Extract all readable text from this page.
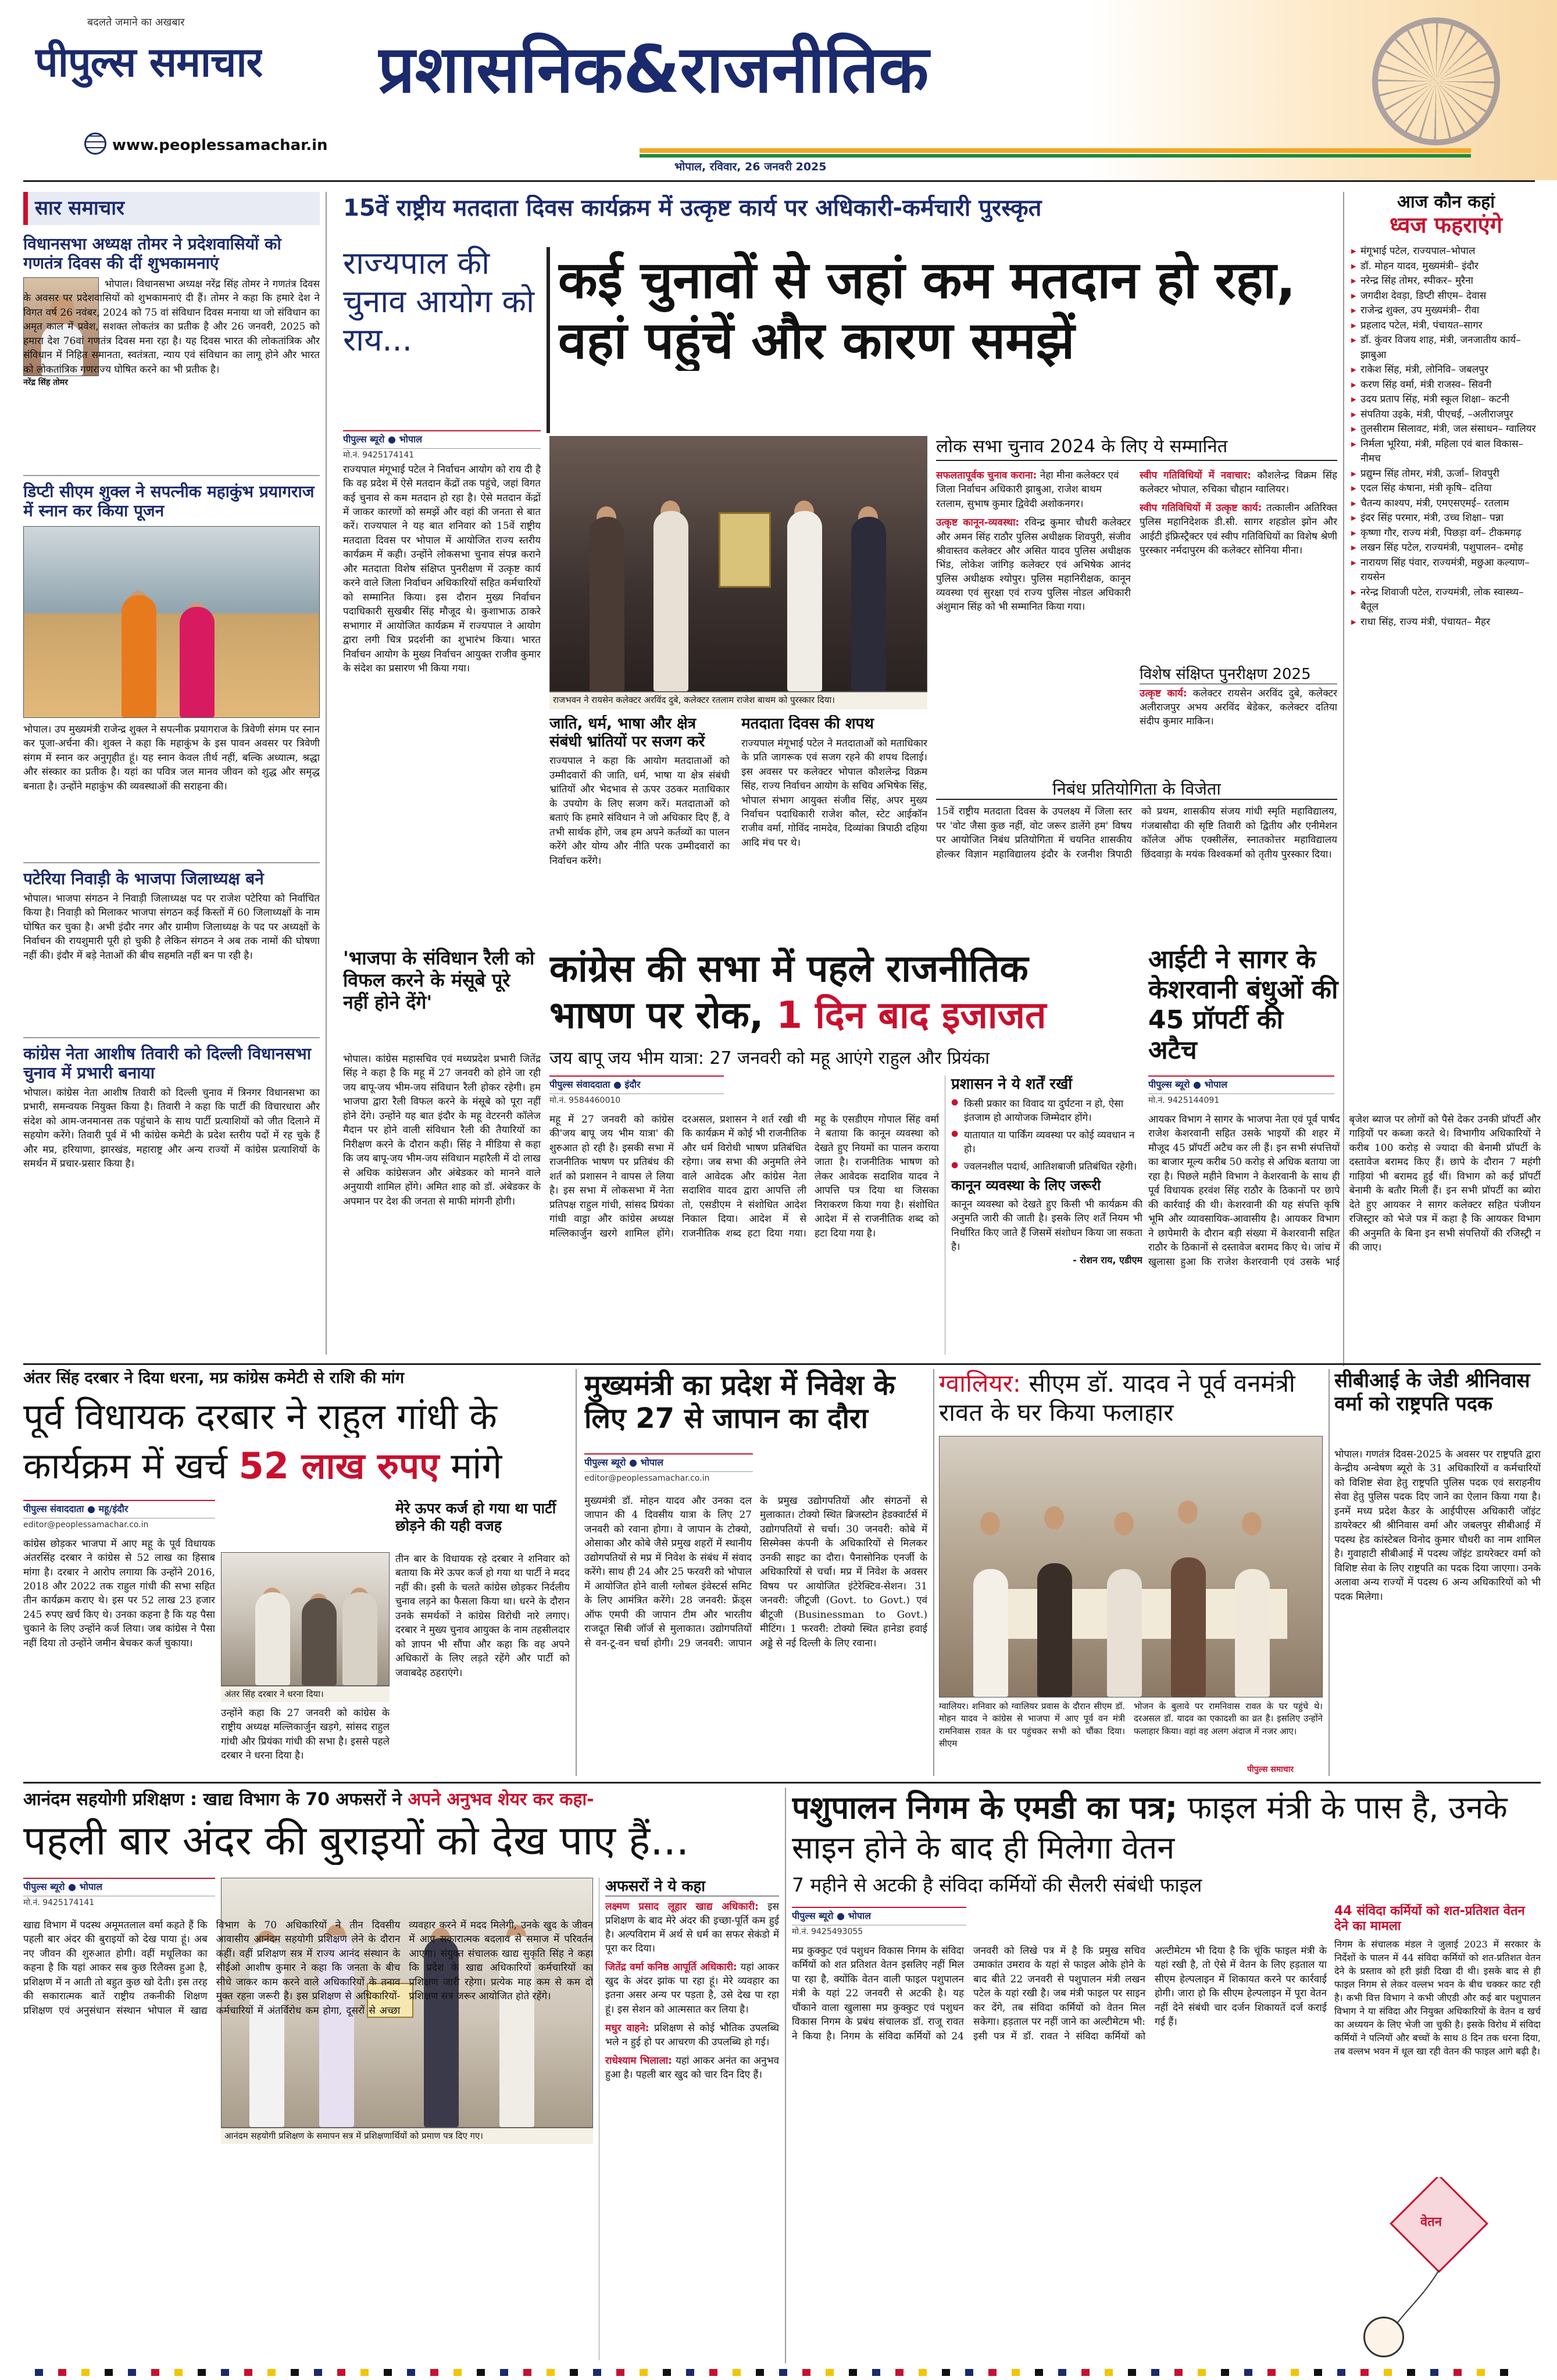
बदलते जमाने का अखबार
पीपुल्स समाचार
www.peoplessamachar.in
प्रशासनिक&राजनीतिक
भोपाल, रविवार, 26 जनवरी 2025
सार समाचार
विधानसभा अध्यक्ष तोमर ने प्रदेशवासियों को गणतंत्र दिवस की दीं शुभकामनाएं
नरेंद्र सिंह तोमर
भोपाल। विधानसभा अध्यक्ष नरेंद्र सिंह तोमर ने गणतंत्र दिवस के अवसर पर प्रदेशवासियों को शुभकामनाएं दी हैं। तोमर ने कहा कि हमारे देश ने विगत वर्ष 26 नवंबर, 2024 को 75 वां संविधान दिवस मनाया था जो संविधान का अमृत काल में प्रवेश, सशक्त लोकतंत्र का प्रतीक है और 26 जनवरी, 2025 को हमारा देश 76वां गणतंत्र दिवस मना रहा है। यह दिवस भारत की लोकतांत्रिक और संविधान में निहित समानता, स्वतंत्रता, न्याय एवं संविधान का लागू होने और भारत को लोकतांत्रिक गणराज्य घोषित करने का भी प्रतीक है।
डिप्टी सीएम शुक्ल ने सपत्नीक महाकुंभ प्रयागराज में स्नान कर किया पूजन
भोपाल। उप मुख्यमंत्री राजेन्द्र शुक्ल ने सपत्नीक प्रयागराज के त्रिवेणी संगम पर स्नान कर पूजा-अर्चना की। शुक्ल ने कहा कि महाकुंभ के इस पावन अवसर पर त्रिवेणी संगम में स्नान कर अनुगृहीत हूं। यह स्नान केवल तीर्थ नहीं, बल्कि अध्यात्म, श्रद्धा और संस्कार का प्रतीक है। यहां का पवित्र जल मानव जीवन को शुद्ध और समृद्ध बनाता है। उन्होंने महाकुंभ की व्यवस्थाओं की सराहना की।
पटेरिया निवाड़ी के भाजपा जिलाध्यक्ष बने
भोपाल। भाजपा संगठन ने निवाड़ी जिलाध्यक्ष पद पर राजेश पटेरिया को निर्वाचित किया है। निवाड़ी को मिलाकर भाजपा संगठन कई किस्तों में 60 जिलाध्यक्षों के नाम घोषित कर चुका है। अभी इंदौर नगर और ग्रामीण जिलाध्यक्ष के पद पर अध्यक्षों के निर्वाचन की रायशुमारी पूरी हो चुकी है लेकिन संगठन ने अब तक नामों की घोषणा नहीं की। इंदौर में बड़े नेताओं की बीच सहमति नहीं बन पा रही है।
कांग्रेस नेता आशीष तिवारी को दिल्ली विधानसभा चुनाव में प्रभारी बनाया
भोपाल। कांग्रेस नेता आशीष तिवारी को दिल्ली चुनाव में त्रिनगर विधानसभा का प्रभारी, समन्वयक नियुक्त किया है। तिवारी ने कहा कि पार्टी की विचारधारा और संदेश को आम-जनमानस तक पहुंचाने के साथ पार्टी प्रत्याशियों को जीत दिलाने में सहयोग करेंगे। तिवारी पूर्व में भी कांग्रेस कमेटी के प्रदेश स्तरीय पदों में रह चुके हैं और मप्र, हरियाणा, झारखंड, महाराष्ट्र और अन्य राज्यों में कांग्रेस प्रत्याशियों के समर्थन में प्रचार-प्रसार किया है।
15वें राष्ट्रीय मतदाता दिवस कार्यक्रम में उत्कृष्ट कार्य पर अधिकारी-कर्मचारी पुरस्कृत
राज्यपाल की चुनाव आयोग को राय...
कई चुनावों से जहां कम मतदान हो रहा, वहां पहुंचें और कारण समझें
पीपुल्स ब्यूरो ● भोपाल
मो.नं. 9425174141
राज्यपाल मंगूभाई पटेल ने निर्वाचन आयोग को राय दी है कि वह प्रदेश में ऐसे मतदान केंद्रों तक पहुंचे, जहां विगत कई चुनाव से कम मतदान हो रहा है। ऐसे मतदान केंद्रों में जाकर कारणों को समझें और वहां की जनता से बात करें। राज्यपाल ने यह बात शनिवार को 15वें राष्ट्रीय मतदाता दिवस पर भोपाल में आयोजित राज्य स्तरीय कार्यक्रम में कही। उन्होंने लोकसभा चुनाव संपन्न कराने और मतदाता विशेष संक्षिप्त पुनरीक्षण में उत्कृष्ट कार्य करने वाले जिला निर्वाचन अधिकारियों सहित कर्मचारियों को सम्मानित किया। इस दौरान मुख्य निर्वाचन पदाधिकारी सुखबीर सिंह मौजूद थे। कुशाभाऊ ठाकरे सभागार में आयोजित कार्यक्रम में राज्यपाल ने आयोग द्वारा लगी चित्र प्रदर्शनी का शुभारंभ किया। भारत निर्वाचन आयोग के मुख्य निर्वाचन आयुक्त राजीव कुमार के संदेश का प्रसारण भी किया गया।
राजभवन ने रायसेन कलेक्टर अरविंद दुबे, कलेक्टर रतलाम राजेश बाथम को पुरस्कार दिया।
जाति, धर्म, भाषा और क्षेत्र संबंधी भ्रांतियों पर सजग करें
राज्यपाल ने कहा कि आयोग मतदाताओं को उम्मीदवारों की जाति, धर्म, भाषा या क्षेत्र संबंधी भ्रांतियों और भेदभाव से ऊपर उठकर मताधिकार के उपयोग के लिए सजग करें। मतदाताओं को बताएं कि हमारे संविधान ने जो अधिकार दिए हैं, वे तभी सार्थक होंगे, जब हम अपने कर्तव्यों का पालन करेंगे और योग्य और नीति परक उम्मीदवारों का निर्वाचन करेंगे।
मतदाता दिवस की शपथ
राज्यपाल मंगूभाई पटेल ने मतदाताओं को मताधिकार के प्रति जागरूक एवं सजग रहने की शपथ दिलाई। इस अवसर पर कलेक्टर भोपाल कौशलेन्द्र विक्रम सिंह, राज्य निर्वाचन आयोग के सचिव अभिषेक सिंह, भोपाल संभाग आयुक्त संजीव सिंह, अपर मुख्य निर्वाचन पदाधिकारी राजेश कौल, स्टेट आईकॉन राजीव वर्मा, गोविंद नामदेव, दिव्यांका त्रिपाठी दहिया आदि मंच पर थे।
लोक सभा चुनाव 2024 के लिए ये सम्मानित
सफलतापूर्वक चुनाव कराना: नेहा मीना कलेक्टर एवं जिला निर्वाचन अधिकारी झाबुआ, राजेश बाथम रतलाम, सुभाष कुमार द्विवेदी अशोकनगर।
उत्कृष्ट कानून-व्यवस्था: रविन्द्र कुमार चौधरी कलेक्टर और अमन सिंह राठौर पुलिस अधीक्षक शिवपुरी, संजीव श्रीवास्तव कलेक्टर और असित यादव पुलिस अधीक्षक भिंड, लोकेश जांगिड़ कलेक्टर एवं अभिषेक आनंद पुलिस अधीक्षक श्योपुर। पुलिस महानिरीक्षक, कानून व्यवस्था एवं सुरक्षा एवं राज्य पुलिस नोडल अधिकारी अंशुमान सिंह को भी सम्मानित किया गया।
स्वीप गतिविधियों में नवाचार: कौशलेन्द्र विक्रम सिंह कलेक्टर भोपाल, रुचिका चौहान ग्वालियर।
स्वीप गतिविधियों में उत्कृष्ट कार्य: तत्कालीन अतिरिक्त पुलिस महानिदेशक डी.सी. सागर शहडोल झोन और आईटी इंफ्रिस्ट्रैक्टर एवं स्वीप गतिविधियों का विशेष श्रेणी पुरस्कार नर्मदापुरम की कलेक्टर सोनिया मीना।
विशेष संक्षिप्त पुनरीक्षण 2025
उत्कृष्ट कार्य: कलेक्टर रायसेन अरविंद दुबे, कलेक्टर अलीराजपुर अभय अरविंद बेडेकर, कलेक्टर दतिया संदीप कुमार माकिन।
निबंध प्रतियोगिता के विजेता
15वें राष्ट्रीय मतदाता दिवस के उपलक्ष्य में जिला स्तर पर 'वोट जैसा कुछ नहीं, वोट जरूर डालेंगे हम' विषय पर आयोजित निबंध प्रतियोगिता में चयनित शासकीय होल्कर विज्ञान महाविद्यालय इंदौर के रजनीश त्रिपाठी को प्रथम, शासकीय संजय गांधी स्मृति महाविद्यालय, गंजबासौदा की सृष्टि तिवारी को द्वितीय और एनीमेशन कॉलेज ऑफ एक्सीलेंस, स्नातकोत्तर महाविद्यालय छिंदवाड़ा के मयंक विश्वकर्मा को तृतीय पुरस्कार दिया।
आज कौन कहां
ध्वज फहराएंगे
▸ मंगूभाई पटेल, राज्यपाल–भोपाल
▸ डॉ. मोहन यादव, मुख्यमंत्री– इंदौर
▸ नरेन्द्र सिंह तोमर, स्पीकर– मुरैना
▸ जगदीश देवड़ा, डिप्टी सीएम– देवास
▸ राजेन्द्र शुक्ल, उप मुख्यमंत्री– रीवा
▸ प्रहलाद पटेल, मंत्री, पंचायत–सागर
▸ डॉ. कुंवर विजय शाह, मंत्री, जनजातीय कार्य– झाबुआ
▸ राकेश सिंह, मंत्री, लोनिवि– जबलपुर
▸ करण सिंह वर्मा, मंत्री राजस्व– सिवनी
▸ उदय प्रताप सिंह, मंत्री स्कूल शिक्षा– कटनी
▸ संपतिया उइके, मंत्री, पीएचई, –अलीराजपुर
▸ तुलसीराम सिलावट, मंत्री, जल संसाधन– ग्वालियर
▸ निर्मला भूरिया, मंत्री, महिला एवं बाल विकास–नीमच
▸ प्रद्युम्न सिंह तोमर, मंत्री, ऊर्जा– शिवपुरी
▸ एदल सिंह कंषाना, मंत्री कृषि– दतिया
▸ चैतन्य काश्यप, मंत्री, एमएसएमई– रतलाम
▸ इंदर सिंह परमार, मंत्री, उच्च शिक्षा– पन्ना
▸ कृष्णा गौर, राज्य मंत्री, पिछड़ा वर्ग– टीकमगढ़
▸ लखन सिंह पटेल, राज्यमंत्री, पशुपालन– दमोह
▸ नारायण सिंह पंवार, राज्यमंत्री, मछुआ कल्याण– रायसेन
▸ नरेन्द्र शिवाजी पटेल, राज्यमंत्री, लोक स्वास्थ्य– बैतूल
▸ राधा सिंह, राज्य मंत्री, पंचायत– मैहर
'भाजपा के संविधान रैली को विफल करने के मंसूबे पूरे नहीं होने देंगे'
भोपाल। कांग्रेस महासचिव एवं मध्यप्रदेश प्रभारी जितेंद्र सिंह ने कहा है कि महू में 27 जनवरी को होने जा रही जय बापू-जय भीम-जय संविधान रैली होकर रहेगी। हम भाजपा द्वारा रैली विफल करने के मंसूबे को पूरा नहीं होने देंगे। उन्होंने यह बात इंदौर के महू वेटरनरी कॉलेज मैदान पर होने वाली संविधान रैली की तैयारियों का निरीक्षण करने के दौरान कही। सिंह ने मीडिया से कहा कि जय बापू-जय भीम-जय संविधान महारैली में दो लाख से अधिक कांग्रेसजन और अंबेडकर को मानने वाले अनुयायी शामिल होंगे। अमित शाह को डॉ. अंबेडकर के अपमान पर देश की जनता से माफी मांगनी होगी।
कांग्रेस की सभा में पहले राजनीतिक
भाषण पर रोक, 1 दिन बाद इजाजत
जय बापू जय भीम यात्रा: 27 जनवरी को महू आएंगे राहुल और प्रियंका
पीपुल्स संवाददाता ● इंदौर
मो.नं. 9584460010
महू में 27 जनवरी को कांग्रेस की'जय बापू जय भीम यात्रा' की शुरुआत हो रही है। इसकी सभा में राजनीतिक भाषण पर प्रतिबंध की शर्त को प्रशासन ने वापस ले लिया है। इस सभा में लोकसभा में नेता प्रतिपक्ष राहुल गांधी, सांसद प्रियंका गांधी वाड्रा और कांग्रेस अध्यक्ष मल्लिकार्जुन खरगे शामिल होंगे। दरअसल, प्रशासन ने शर्त रखी थी कि कार्यक्रम में कोई भी राजनीतिक और धर्म विरोधी भाषण प्रतिबंधित रहेगा। जब सभा की अनुमति लेने वाले आवेदक और कांग्रेस नेता सदाशिव यादव द्वारा आपत्ति ली तो, एसडीएम ने संशोधित आदेश निकाल दिया। आदेश में से राजनीतिक शब्द हटा दिया गया। महू के एसडीएम गोपाल सिंह वर्मा ने बताया कि कानून व्यवस्था को देखते हुए नियमों का पालन कराया जाता है। राजनीतिक भाषण को लेकर आवेदक सदाशिव यादव ने आपत्ति पत्र दिया था जिसका निराकरण किया गया है। संशोधित आदेश में से राजनीतिक शब्द को हटा दिया गया है।
प्रशासन ने ये शर्तें रखीं
● किसी प्रकार का विवाद या दुर्घटना न हो, ऐसा इंतजाम हो आयोजक जिम्मेदार होंगे।
● यातायात या पार्किंग व्यवस्था पर कोई व्यवधान न हो।
● ज्वलनशील पदार्थ, आतिशबाजी प्रतिबंधित रहेगी।
कानून व्यवस्था के लिए जरूरी
कानून व्यवस्था को देखते हुए किसी भी कार्यक्रम की अनुमति जारी की जाती है। इसके लिए शर्तें नियम भी निर्धारित किए जाते हैं जिसमें संशोधन किया जा सकता है।
- रोशन राय, एडीएम
आईटी ने सागर के केशरवानी बंधुओं की 45 प्रॉपर्टी की अटैच
पीपुल्स ब्यूरो ● भोपाल
मो.नं. 9425144091
आयकर विभाग ने सागर के भाजपा नेता एवं पूर्व पार्षद राजेश केशरवानी सहित उसके भाइयों की शहर में मौजूद 45 प्रॉपर्टी अटैच कर ली हैं। इन सभी संपत्तियों का बाजार मूल्य करीब 50 करोड़ से अधिक बताया जा रहा है। पिछले महीने विभाग ने केशरवानी के साथ ही पूर्व विधायक हरवंश सिंह राठौर के ठिकानों पर छापे की कार्रवाई की थी। केशरवानी की यह संपत्ति कृषि भूमि और व्यावसायिक-आवासीय है। आयकर विभाग ने छापेमारी के दौरान बड़ी संख्या में केशरवानी सहित राठौर के ठिकानों से दस्तावेज बरामद किए थे। जांच में खुलासा हुआ कि राजेश केशरवानी एवं उसके भाई बृजेश ब्याज पर लोगों को पैसे देकर उनकी प्रॉपर्टी और गाड़ियों पर कब्जा करते थे। विभागीय अधिकारियों ने करीब 100 करोड़ से ज्यादा की बेनामी प्रॉपर्टी के दस्तावेज बरामद किए हैं। छापे के दौरान 7 महंगी गाड़ियां भी बरामद हुई थीं। विभाग को कई प्रॉपर्टी बेनामी के बतौर मिली हैं। इन सभी प्रॉपर्टी का ब्योरा देते हुए आयकर ने सागर कलेक्टर सहित पंजीयन रजिस्ट्रार को भेजे पत्र में कहा है कि आयकर विभाग की अनुमति के बिना इन सभी संपत्तियों की रजिस्ट्री न की जाए।
अंतर सिंह दरबार ने दिया धरना, मप्र कांग्रेस कमेटी से राशि की मांग
पूर्व विधायक दरबार ने राहुल गांधी के
कार्यक्रम में खर्च 52 लाख रुपए मांगे
पीपुल्स संवाददाता ● महू/इंदौर
editor@peoplessamachar.co.in
कांग्रेस छोड़कर भाजपा में आए महू के पूर्व विधायक अंतरसिंह दरबार ने कांग्रेस से 52 लाख का हिसाब मांगा है। दरबार ने आरोप लगाया कि उन्होंने 2016, 2018 और 2022 तक राहुल गांधी की सभा सहित तीन कार्यक्रम कराए थे। इस पर 52 लाख 23 हजार 245 रुपए खर्च किए थे। उनका कहना है कि यह पैसा चुकाने के लिए उन्होंने कर्ज लिया। जब कांग्रेस ने पैसा नहीं दिया तो उन्होंने जमीन बेचकर कर्ज चुकाया।
मेरे ऊपर कर्ज हो गया था पार्टी छोड़ने की यही वजह
तीन बार के विधायक रहे दरबार ने शनिवार को बताया कि मेरे ऊपर कर्ज हो गया था पार्टी ने मदद नहीं की। इसी के चलते कांग्रेस छोड़कर निर्दलीय चुनाव लड़ने का फैसला किया था। धरने के दौरान उनके समर्थकों ने कांग्रेस विरोधी नारे लगाए। दरबार ने मुख्य चुनाव आयुक्त के नाम तहसीलदार को ज्ञापन भी सौंपा और कहा कि वह अपने अधिकारों के लिए लड़ते रहेंगे और पार्टी को जवाबदेह ठहराएंगे।
अंतर सिंह दरबार ने धरना दिया।
उन्होंने कहा कि 27 जनवरी को कांग्रेस के राष्ट्रीय अध्यक्ष मल्लिकार्जुन खड़गे, सांसद राहुल गांधी और प्रियंका गांधी की सभा है। इससे पहले दरबार ने धरना दिया है।
मुख्यमंत्री का प्रदेश में निवेश के लिए 27 से जापान का दौरा
पीपुल्स ब्यूरो ● भोपाल
editor@peoplessamachar.co.in
मुख्यमंत्री डॉ. मोहन यादव और उनका दल जापान की 4 दिवसीय यात्रा के लिए 27 जनवरी को रवाना होगा। वे जापान के टोक्यो, ओसाका और कोबे जैसे प्रमुख शहरों में स्थानीय उद्योगपतियों से मप्र में निवेश के संबंध में संवाद करेंगे। साथ ही 24 और 25 फरवरी को भोपाल में आयोजित होने वाली ग्लोबल इंवेस्टर्स समिट के लिए आमंत्रित करेंगे। 28 जनवरी: फ्रेंड्स ऑफ एमपी की जापान टीम और भारतीय राजदूत सिबी जॉर्ज से मुलाकात। उद्योगपतियों से वन-टू-वन चर्चा होगी। 29 जनवरी: जापान के प्रमुख उद्योगपतियों और संगठनों से मुलाकात। टोक्यो स्थित ब्रिजस्टोन हेडक्वार्टर्स में उद्योगपतियों से चर्चा। 30 जनवरी: कोबे में सिस्मेक्स कंपनी के अधिकारियों से मिलकर उनकी साइट का दौरा। पैनासोनिक एनर्जी के अधिकारियों से चर्चा। मप्र में निवेश के अवसर विषय पर आयोजित इंटेरेक्टिव-सेशन। 31 जनवरी: जीटूजी (Govt. to Govt.) एवं बीटूजी (Businessman to Govt.) मीटिंग। 1 फरवरी: टोक्यो स्थित हानेडा हवाई अड्डे से नई दिल्ली के लिए रवाना।
ग्वालियर: सीएम डॉ. यादव ने पूर्व वनमंत्री रावत के घर किया फलाहार
ग्वालियर। शनिवार को ग्वालियर प्रवास के दौरान सीएम डॉ. मोहन यादव ने कांग्रेस से भाजपा में आए पूर्व वन मंत्री रामनिवास रावत के घर पहुंचकर सभी को चौंका दिया। सीएम
भोजन के बुलावे पर रामनिवास रावत के घर पहुंचे थे। दरअसल डॉ. यादव का एकादशी का व्रत है। इसलिए उन्होंने फलाहार किया। वहां वह अलग अंदाज में नजर आए।
पीपुल्स समाचार
सीबीआई के जेडी श्रीनिवास वर्मा को राष्ट्रपति पदक
भोपाल। गणतंत्र दिवस-2025 के अवसर पर राष्ट्रपति द्वारा केन्द्रीय अन्वेषण ब्यूरो के 31 अधिकारियों व कर्मचारियों को विशिष्ट सेवा हेतु राष्ट्रपति पुलिस पदक एवं सराहनीय सेवा हेतु पुलिस पदक दिए जाने का ऐलान किया गया है। इनमें मध्य प्रदेश कैडर के आईपीएस अधिकारी जॉइंट डायरेक्टर श्री श्रीनिवास वर्मा और जबलपुर सीबीआई में पदस्थ हेड कांस्टेबल विनोद कुमार चौधरी का नाम शामिल है। गुवाहाटी सीबीआई में पदस्थ जॉइंट डायरेक्टर वर्मा को विशिष्ट सेवा के लिए राष्ट्रपति का पदक दिया जाएगा। उनके अलावा अन्य राज्यों में पदस्थ 6 अन्य अधिकारियों को भी पदक मिलेगा।
आनंदम सहयोगी प्रशिक्षण : खाद्य विभाग के 70 अफसरों ने अपने अनुभव शेयर कर कहा-
पहली बार अंदर की बुराइयों को देख पाए हैं...
पीपुल्स ब्यूरो ● भोपाल
मो.नं. 9425174141
आनंदम सहयोगी प्रशिक्षण के समापन सत्र में प्रशिक्षणार्थियों को प्रमाण पत्र दिए गए।
खाद्य विभाग में पदस्थ अमूमतलाल वर्मा कहते हैं कि पहली बार अंदर की बुराइयों को देख पाया हूं। अब नए जीवन की शुरुआत होगी। वहीं मधूलिका का कहना है कि यहां आकर सब कुछ रिलैक्स हुआ है, प्रशिक्षण में न आती तो बहुत कुछ खो देती। इस तरह की सकारात्मक बातें राष्ट्रीय तकनीकी शिक्षण प्रशिक्षण एवं अनुसंधान संस्थान भोपाल में खाद्य विभाग के 70 अधिकारियों ने तीन दिवसीय आवासीय आनंदम सहयोगी प्रशिक्षण लेने के दौरान कहीं। वहीं प्रशिक्षण सत्र में राज्य आनंद संस्थान के सीईओ आशीष कुमार ने कहा कि जनता के बीच सीधे जाकर काम करने वाले अधिकारियों के तनाव मुक्त रहना जरूरी है। इस प्रशिक्षण से अधिकारियों-कर्मचारियों में अंतर्विरोध कम होगा, दूसरों से अच्छा व्यवहार करने में मदद मिलेगी, उनके खुद के जीवन में आए सकारात्मक बदलाव से समाज में परिवर्तन आएगा। संयुक्त संचालक खाद्य सुकृति सिंह ने कहा कि प्रदेश के खाद्य अधिकारियों कर्मचारियों का प्रशिक्षण जारी रहेगा। प्रत्येक माह कम से कम दो प्रशिक्षण सत्र जरूर आयोजित होते रहेंगे।
अफसरों ने ये कहा
लक्ष्मण प्रसाद लूहार खाद्य अधिकारी: इस प्रशिक्षण के बाद मेरे अंदर की इच्छा-पूर्ति कम हुई है। अल्पविराम में अर्थ से धर्म का सफर सेकंडो में पूरा कर दिया।
जितेंद्र वर्मा कनिष्ठ आपूर्ति अधिकारी: यहां आकर खुद के अंदर झांक पा रहा हूं। मेरे व्यवहार का इतना असर अन्य पर पड़ता है, उसे देख पा रहा हूं। इस सेशन को आत्मसात कर लिया है।
मधुर वाहने: प्रशिक्षण से कोई भौतिक उपलब्धि भले न हुई हो पर आचरण की उपलब्धि हो गई।
राधेश्याम भिलाला: यहां आकर अनंत का अनुभव हुआ है। पहली बार खुद को चार दिन दिए हैं।
पशुपालन निगम के एमडी का पत्र; फाइल मंत्री के पास है, उनके साइन होने के बाद ही मिलेगा वेतन
7 महीने से अटकी है संविदा कर्मियों की सैलरी संबंधी फाइल
पीपुल्स ब्यूरो ● भोपाल
मो.नं. 9425493055
मप्र कुक्कुट एवं पशुधन विकास निगम के संविदा कर्मियों को शत प्रतिशत वेतन इसलिए नहीं मिल पा रहा है, क्योंकि वेतन वाली फाइल पशुपालन मंत्री के यहां 22 जनवरी से अटकी है। यह चौंकाने वाला खुलासा मप्र कुक्कुट एवं पशुधन विकास निगम के प्रबंध संचालक डॉ. राजू रावत ने किया है। निगम के संविदा कर्मियों को 24 जनवरी को लिखे पत्र में है कि प्रमुख सचिव उमाकांत उमराव के यहां से फाइल ओके होने के बाद बीते 22 जनवरी से पशुपालन मंत्री लखन पटेल के यहां रखी है। जब मंत्री फाइल पर साइन कर देंगे, तब संविदा कर्मियों को वेतन मिल सकेगा। हड़ताल पर नहीं जाने का अल्टीमेटम भी: इसी पत्र में डॉ. रावत ने संविदा कर्मियों को अल्टीमेटम भी दिया है कि चूंकि फाइल मंत्री के यहां रखी है, तो ऐसे में वेतन के लिए हड़ताल या सीएम हेल्पलाइन में शिकायत करने पर कार्रवाई होगी। जारा हो कि सीएम हेल्पलाइन में पूरा वेतन नहीं देने संबंधी चार दर्जन शिकायतें दर्ज कराई गई हैं।
44 संविदा कर्मियों को शत-प्रतिशत वेतन देने का मामला
निगम के संचालक मंडल ने जुलाई 2023 में सरकार के निर्देशों के पालन में 44 संविदा कर्मियों को शत-प्रतिशत वेतन देने के प्रस्ताव को हरी झंडी दिखा दी थी। इसके बाद से ही फाइल निगम से लेकर वल्लभ भवन के बीच चक्कर काट रही है। कभी वित्त विभाग ने कभी जीएडी और कई बार पशुपालन विभाग ने या संविदा और नियुक्त अधिकारियों के वेतन व खर्च का अध्ययन के लिए भेजी जा चुकी है। इसके विरोध में संविदा कर्मियों ने पत्नियों और बच्चों के साथ 8 दिन तक धरना दिया, तब वल्लभ भवन में धूल खा रही वेतन की फाइल आगे बढ़ी है।
वेतन
